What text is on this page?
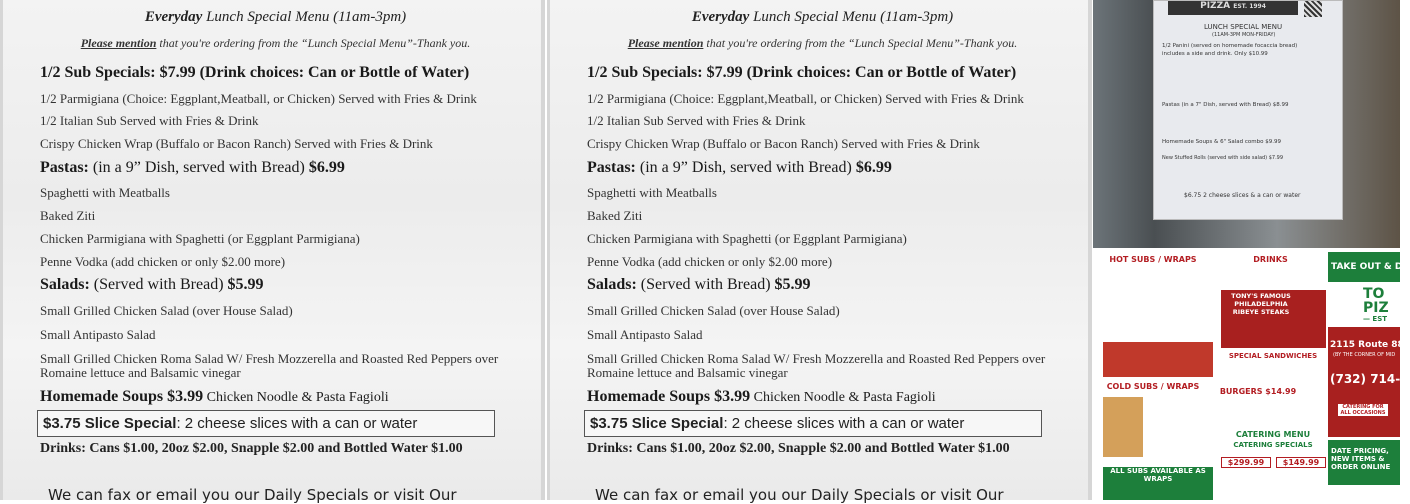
Everyday Lunch Special Menu (11am-3pm)
Please mention that you're ordering from the “Lunch Special Menu”-Thank you.
1/2 Sub Specials: $7.99 (Drink choices: Can or Bottle of Water)
1/2 Parmigiana (Choice: Eggplant,Meatball, or Chicken) Served with Fries & Drink
1/2 Italian Sub Served with Fries & Drink
Crispy Chicken Wrap (Buffalo or Bacon Ranch) Served with Fries & Drink
Pastas: (in a 9” Dish, served with Bread) $6.99
Spaghetti with Meatballs
Baked Ziti
Chicken Parmigiana with Spaghetti (or Eggplant Parmigiana)
Penne Vodka (add chicken or only $2.00 more)
Salads: (Served with Bread) $5.99
Small Grilled Chicken Salad (over House Salad)
Small Antipasto Salad
Small Grilled Chicken Roma Salad W/ Fresh Mozzerella and Roasted Red Peppers over
Romaine lettuce and Balsamic vinegar
Homemade Soups $3.99 Chicken Noodle & Pasta Fagioli
$3.75 Slice Special: 2 cheese slices with a can or water
Drinks: Cans $1.00, 20oz $2.00, Snapple $2.00 and Bottled Water $1.00
We can fax or email you our Daily Specials or visit Our
Everyday Lunch Special Menu (11am-3pm)
Please mention that you're ordering from the “Lunch Special Menu”-Thank you.
1/2 Sub Specials: $7.99 (Drink choices: Can or Bottle of Water)
1/2 Parmigiana (Choice: Eggplant,Meatball, or Chicken) Served with Fries & Drink
1/2 Italian Sub Served with Fries & Drink
Crispy Chicken Wrap (Buffalo or Bacon Ranch) Served with Fries & Drink
Pastas: (in a 9” Dish, served with Bread) $6.99
Spaghetti with Meatballs
Baked Ziti
Chicken Parmigiana with Spaghetti (or Eggplant Parmigiana)
Penne Vodka (add chicken or only $2.00 more)
Salads: (Served with Bread) $5.99
Small Grilled Chicken Salad (over House Salad)
Small Antipasto Salad
Small Grilled Chicken Roma Salad W/ Fresh Mozzerella and Roasted Red Peppers over
Romaine lettuce and Balsamic vinegar
Homemade Soups $3.99 Chicken Noodle & Pasta Fagioli
$3.75 Slice Special: 2 cheese slices with a can or water
Drinks: Cans $1.00, 20oz $2.00, Snapple $2.00 and Bottled Water $1.00
We can fax or email you our Daily Specials or visit Our
PIZZA EST. 1994
LUNCH SPECIAL MENU
(11AM-3PM MON-FRIDAY)
1/2 Panini (served on homemade focaccia bread)
includes a side and drink. Only $10.99
Pastas (in a 7" Dish, served with Bread) $8.99
Homemade Soups & 6" Salad combo $9.99
New Stuffed Rolls (served with side salad) $7.99
$6.75 2 cheese slices & a can or water
HOT SUBS / WRAPS
COLD SUBS / WRAPS
ALL SUBS AVAILABLE AS WRAPS
DRINKS
TONY'S FAMOUS PHILADELPHIA RIBEYE STEAKS
SPECIAL SANDWICHES
BURGERS $14.99
CATERING MENU
CATERING SPECIALS
$299.99	$149.99
TAKE OUT & DE
TO PIZ
— EST
2115 Route 88 i
(BY THE CORNER OF MID
(732) 714-
CATERING FOR ALL OCCASIONS
DATE PRICING, NEW ITEMS & ORDER ONLINE
